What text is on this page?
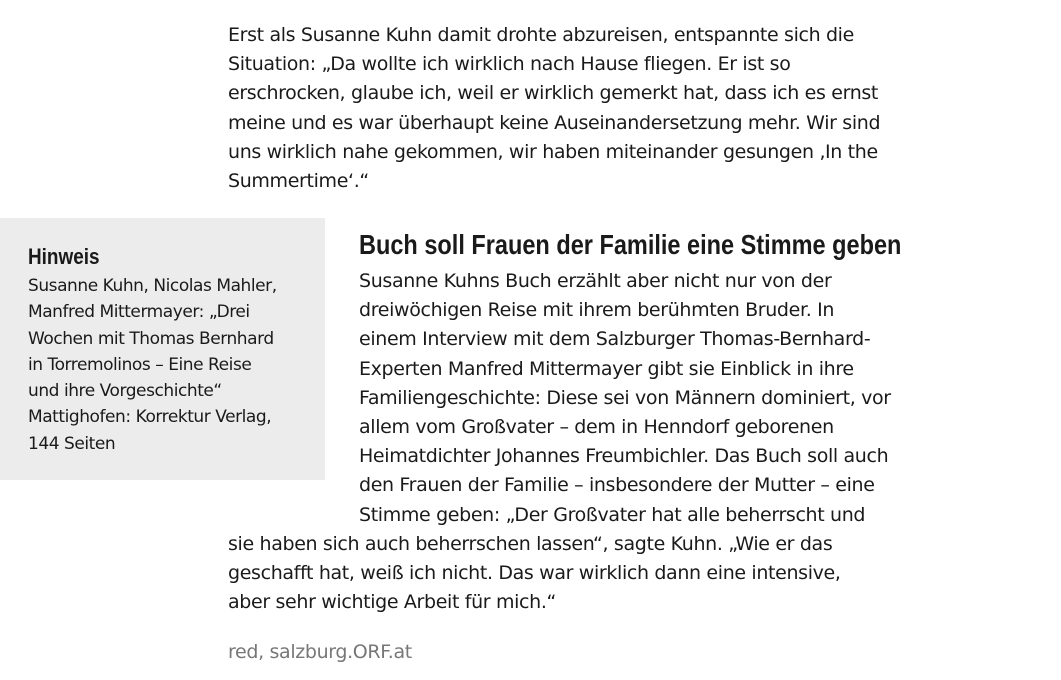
Erst als Susanne Kuhn damit drohte abzureisen, entspannte sich die
Situation: „Da wollte ich wirklich nach Hause fliegen. Er ist so
erschrocken, glaube ich, weil er wirklich gemerkt hat, dass ich es ernst
meine und es war überhaupt keine Auseinandersetzung mehr. Wir sind
uns wirklich nahe gekommen, wir haben miteinander gesungen ‚In the
Summertime‘.“

Hinweis

Susanne Kuhn, Nicolas Mahler,
Manfred Mittermayer: „Drei
Wochen mit Thomas Bernhard
in Torremolinos – Eine Reise
und ihre Vorgeschichte“
Mattighofen: Korrektur Verlag,
144 Seiten

Buch soll Frauen der Familie eine Stimme geben

Susanne Kuhns Buch erzählt aber nicht nur von der
dreiwöchigen Reise mit ihrem berühmten Bruder. In
einem Interview mit dem Salzburger Thomas-Bernhard-
Experten Manfred Mittermayer gibt sie Einblick in ihre
Familiengeschichte: Diese sei von Männern dominiert, vor
allem vom Großvater – dem in Henndorf geborenen
Heimatdichter Johannes Freumbichler. Das Buch soll auch
den Frauen der Familie – insbesondere der Mutter – eine
Stimme geben: „Der Großvater hat alle beherrscht und

sie haben sich auch beherrschen lassen“, sagte Kuhn. „Wie er das
geschafft hat, weiß ich nicht. Das war wirklich dann eine intensive,
aber sehr wichtige Arbeit für mich.“

red, salzburg.ORF.at
